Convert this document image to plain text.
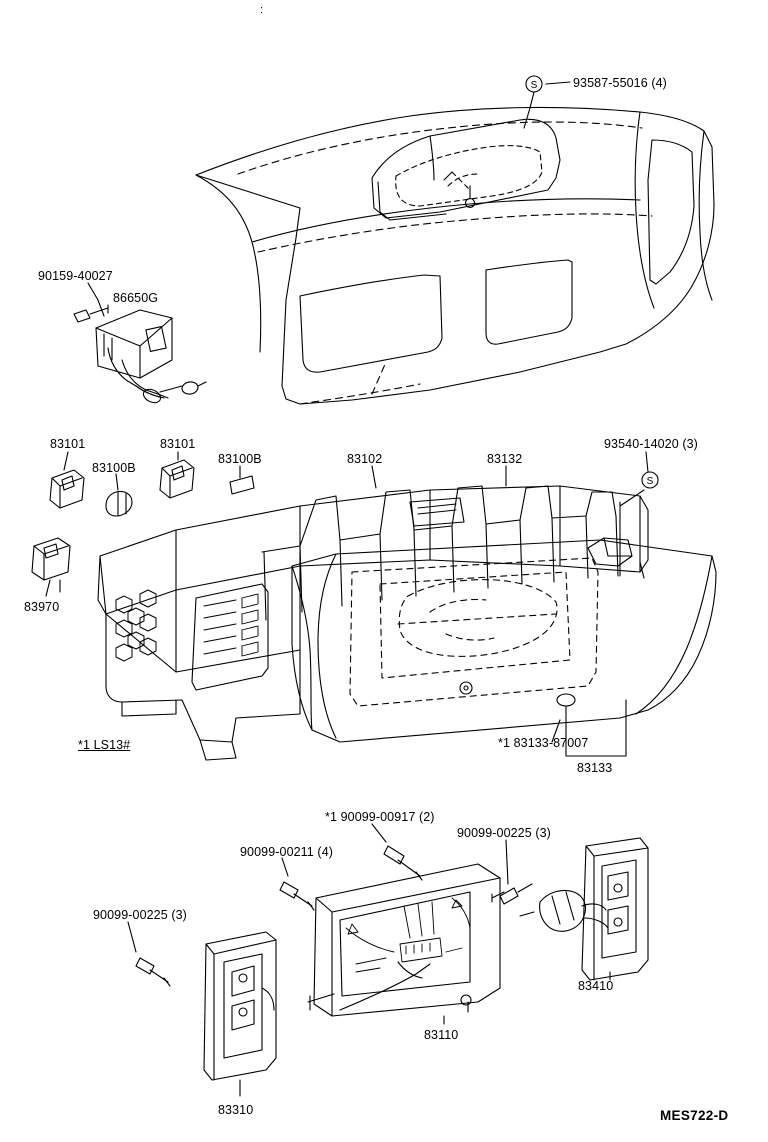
S
S
:
93587-55016 (4)
90159-40027
86650G
83101
83100B
83101
83100B	83102	83132
93540-14020 (3)
83970
*1 83133-87007
83133
*1 90099-00917 (2)
90099-00211 (4)
90099-00225 (3)
90099-00225 (3)
83410
83110
83310
*1 LS13#
MES722-D
